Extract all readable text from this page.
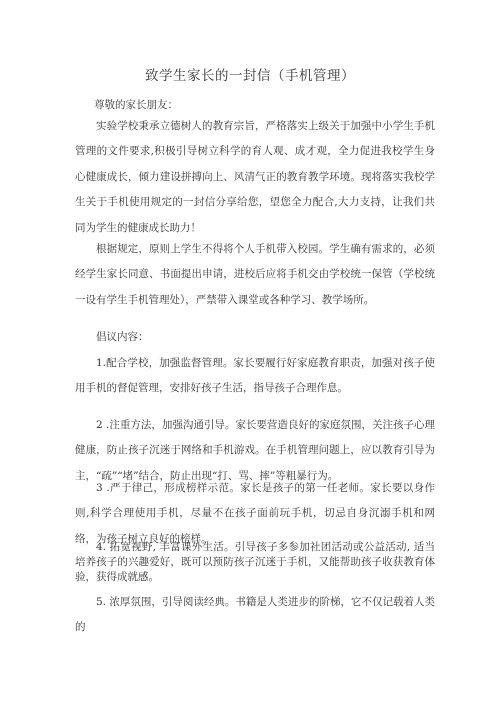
致学生家长的一封信（手机管理）
尊敬的家长朋友：
实验学校秉承立德树人的教育宗旨，严格落实上级关于加强中小学生手机管理的文件要求,积极引导树立科学的育人观、成才观，全力促进我校学生身心健康成长，倾力建设拼搏向上、风清气正的教育教学环境。现将落实我校学生关于手机使用规定的一封信分享给您，望您全力配合,大力支持，让我们共同为学生的健康成长助力！
根据规定，原则上学生不得将个人手机带入校园。学生确有需求的，必须经学生家长同意、书面提出申请，进校后应将手机交由学校统一保管（学校统一设有学生手机管理处），严禁带入课堂或各种学习、教学场所。
倡议内容：
1.配合学校，加强监督管理。家长要履行好家庭教育职责，加强对孩子使用手机的督促管理，安排好孩子生活，指导孩子合理作息。
2 .注重方法，加强沟通引导。家长要营造良好的家庭氛围，关注孩子心理健康，防止孩子沉迷于网络和手机游戏。在手机管理问题上，应以教育引导为主，“疏”“堵”结合，防止出现“打、骂、摔”等粗暴行为。
3 .严于律己，形成榜样示范。家长是孩子的第一任老师。家长要以身作则,科学合理使用手机，尽量不在孩子面前玩手机，切忌自身沉溺手机和网络，为孩子树立良好的榜样。
4. 拓宽视野, 丰富课外生活。引导孩子多参加社团活动或公益活动, 适当培养孩子的兴趣爱好，既可以预防孩子沉迷于手机，又能帮助孩子收获教育体验，获得成就感。
5. 浓厚氛围，引导阅读经典。书籍是人类进步的阶梯，它不仅记载着人类的
